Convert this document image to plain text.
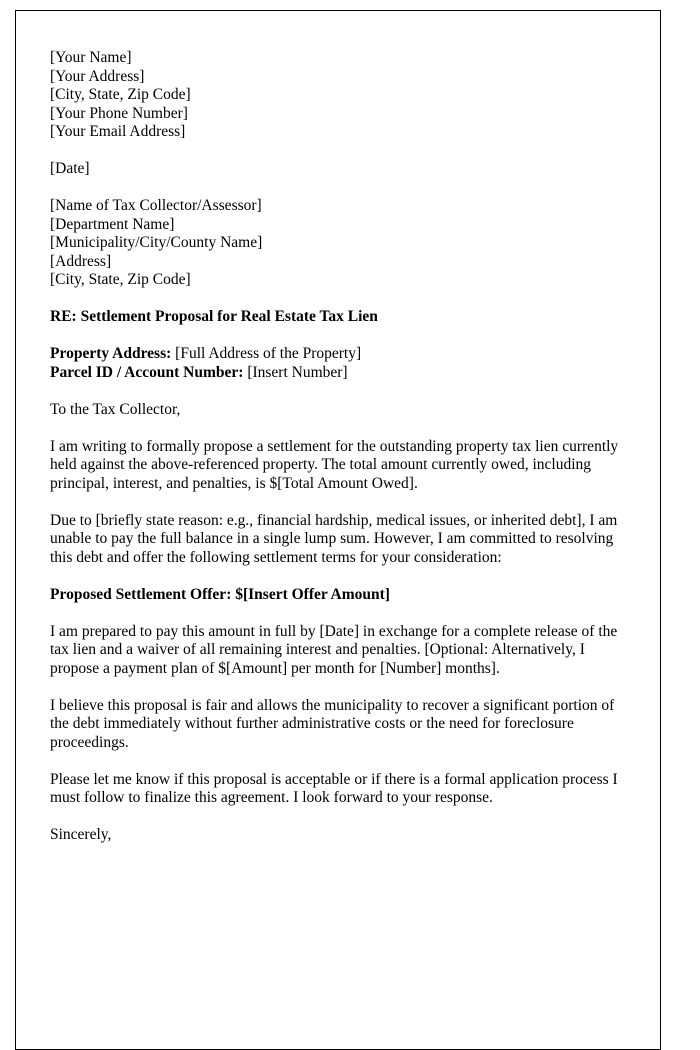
[Your Name]
[Your Address]
[City, State, Zip Code]
[Your Phone Number]
[Your Email Address]
[Date]
[Name of Tax Collector/Assessor]
[Department Name]
[Municipality/City/County Name]
[Address]
[City, State, Zip Code]
RE: Settlement Proposal for Real Estate Tax Lien
Property Address: [Full Address of the Property]
Parcel ID / Account Number: [Insert Number]
To the Tax Collector,

I am writing to formally propose a settlement for the outstanding property tax lien currently held against the above-referenced property. The total amount currently owed, including principal, interest, and penalties, is $[Total Amount Owed].

Due to [briefly state reason: e.g., financial hardship, medical issues, or inherited debt], I am unable to pay the full balance in a single lump sum. However, I am committed to resolving this debt and offer the following settlement terms for your consideration:

Proposed Settlement Offer: $[Insert Offer Amount]

I am prepared to pay this amount in full by [Date] in exchange for a complete release of the tax lien and a waiver of all remaining interest and penalties. [Optional: Alternatively, I propose a payment plan of $[Amount] per month for [Number] months].

I believe this proposal is fair and allows the municipality to recover a significant portion of the debt immediately without further administrative costs or the need for foreclosure proceedings.

Please let me know if this proposal is acceptable or if there is a formal application process I must follow to finalize this agreement. I look forward to your response.

Sincerely,
